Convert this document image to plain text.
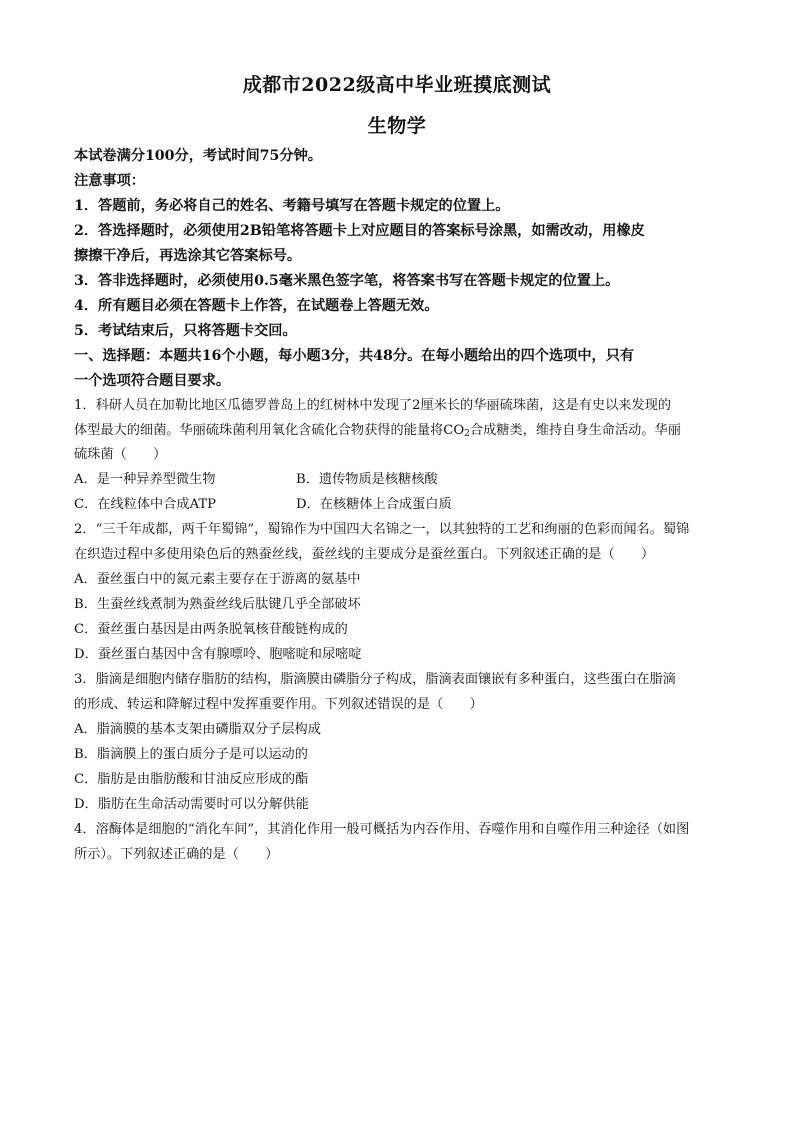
成都市2022级高中毕业班摸底测试
生物学
本试卷满分100分，考试时间75分钟。
注意事项：
1．答题前，务必将自己的姓名、考籍号填写在答题卡规定的位置上。
2．答选择题时，必须使用2B铅笔将答题卡上对应题目的答案标号涂黑，如需改动，用橡皮
擦擦干净后，再选涂其它答案标号。
3．答非选择题时，必须使用0.5毫米黑色签字笔，将答案书写在答题卡规定的位置上。
4．所有题目必须在答题卡上作答，在试题卷上答题无效。
5．考试结束后，只将答题卡交回。
一、选择题：本题共16个小题，每小题3分，共48分。在每小题给出的四个选项中，只有
一个选项符合题目要求。
1．科研人员在加勒比地区瓜德罗普岛上的红树林中发现了2厘米长的华丽硫珠菌，这是有史以来发现的
体型最大的细菌。华丽硫珠菌利用氧化含硫化合物获得的能量将$CO_2$合成糖类，维持自身生命活动。华丽
硫珠菌（　　）
A．是一种异养型微生物	B．遗传物质是核糖核酸
C．在线粒体中合成ATP	D．在核糖体上合成蛋白质
2．“三千年成都，两千年蜀锦”，蜀锦作为中国四大名锦之一，以其独特的工艺和绚丽的色彩而闻名。蜀锦
在织造过程中多使用染色后的熟蚕丝线，蚕丝线的主要成分是蚕丝蛋白。下列叙述正确的是（　　）
A．蚕丝蛋白中的氮元素主要存在于游离的氨基中
B．生蚕丝线煮制为熟蚕丝线后肽键几乎全部破坏
C．蚕丝蛋白基因是由两条脱氧核苷酸链构成的
D．蚕丝蛋白基因中含有腺嘌呤、胞嘧啶和尿嘧啶
3．脂滴是细胞内储存脂肪的结构，脂滴膜由磷脂分子构成，脂滴表面镶嵌有多种蛋白，这些蛋白在脂滴
的形成、转运和降解过程中发挥重要作用。下列叙述错误的是（　　）
A．脂滴膜的基本支架由磷脂双分子层构成
B．脂滴膜上的蛋白质分子是可以运动的
C．脂肪是由脂肪酸和甘油反应形成的酯
D．脂肪在生命活动需要时可以分解供能
4．溶酶体是细胞的“消化车间”，其消化作用一般可概括为内吞作用、吞噬作用和自噬作用三种途径（如图
所示）。下列叙述正确的是（　　）
